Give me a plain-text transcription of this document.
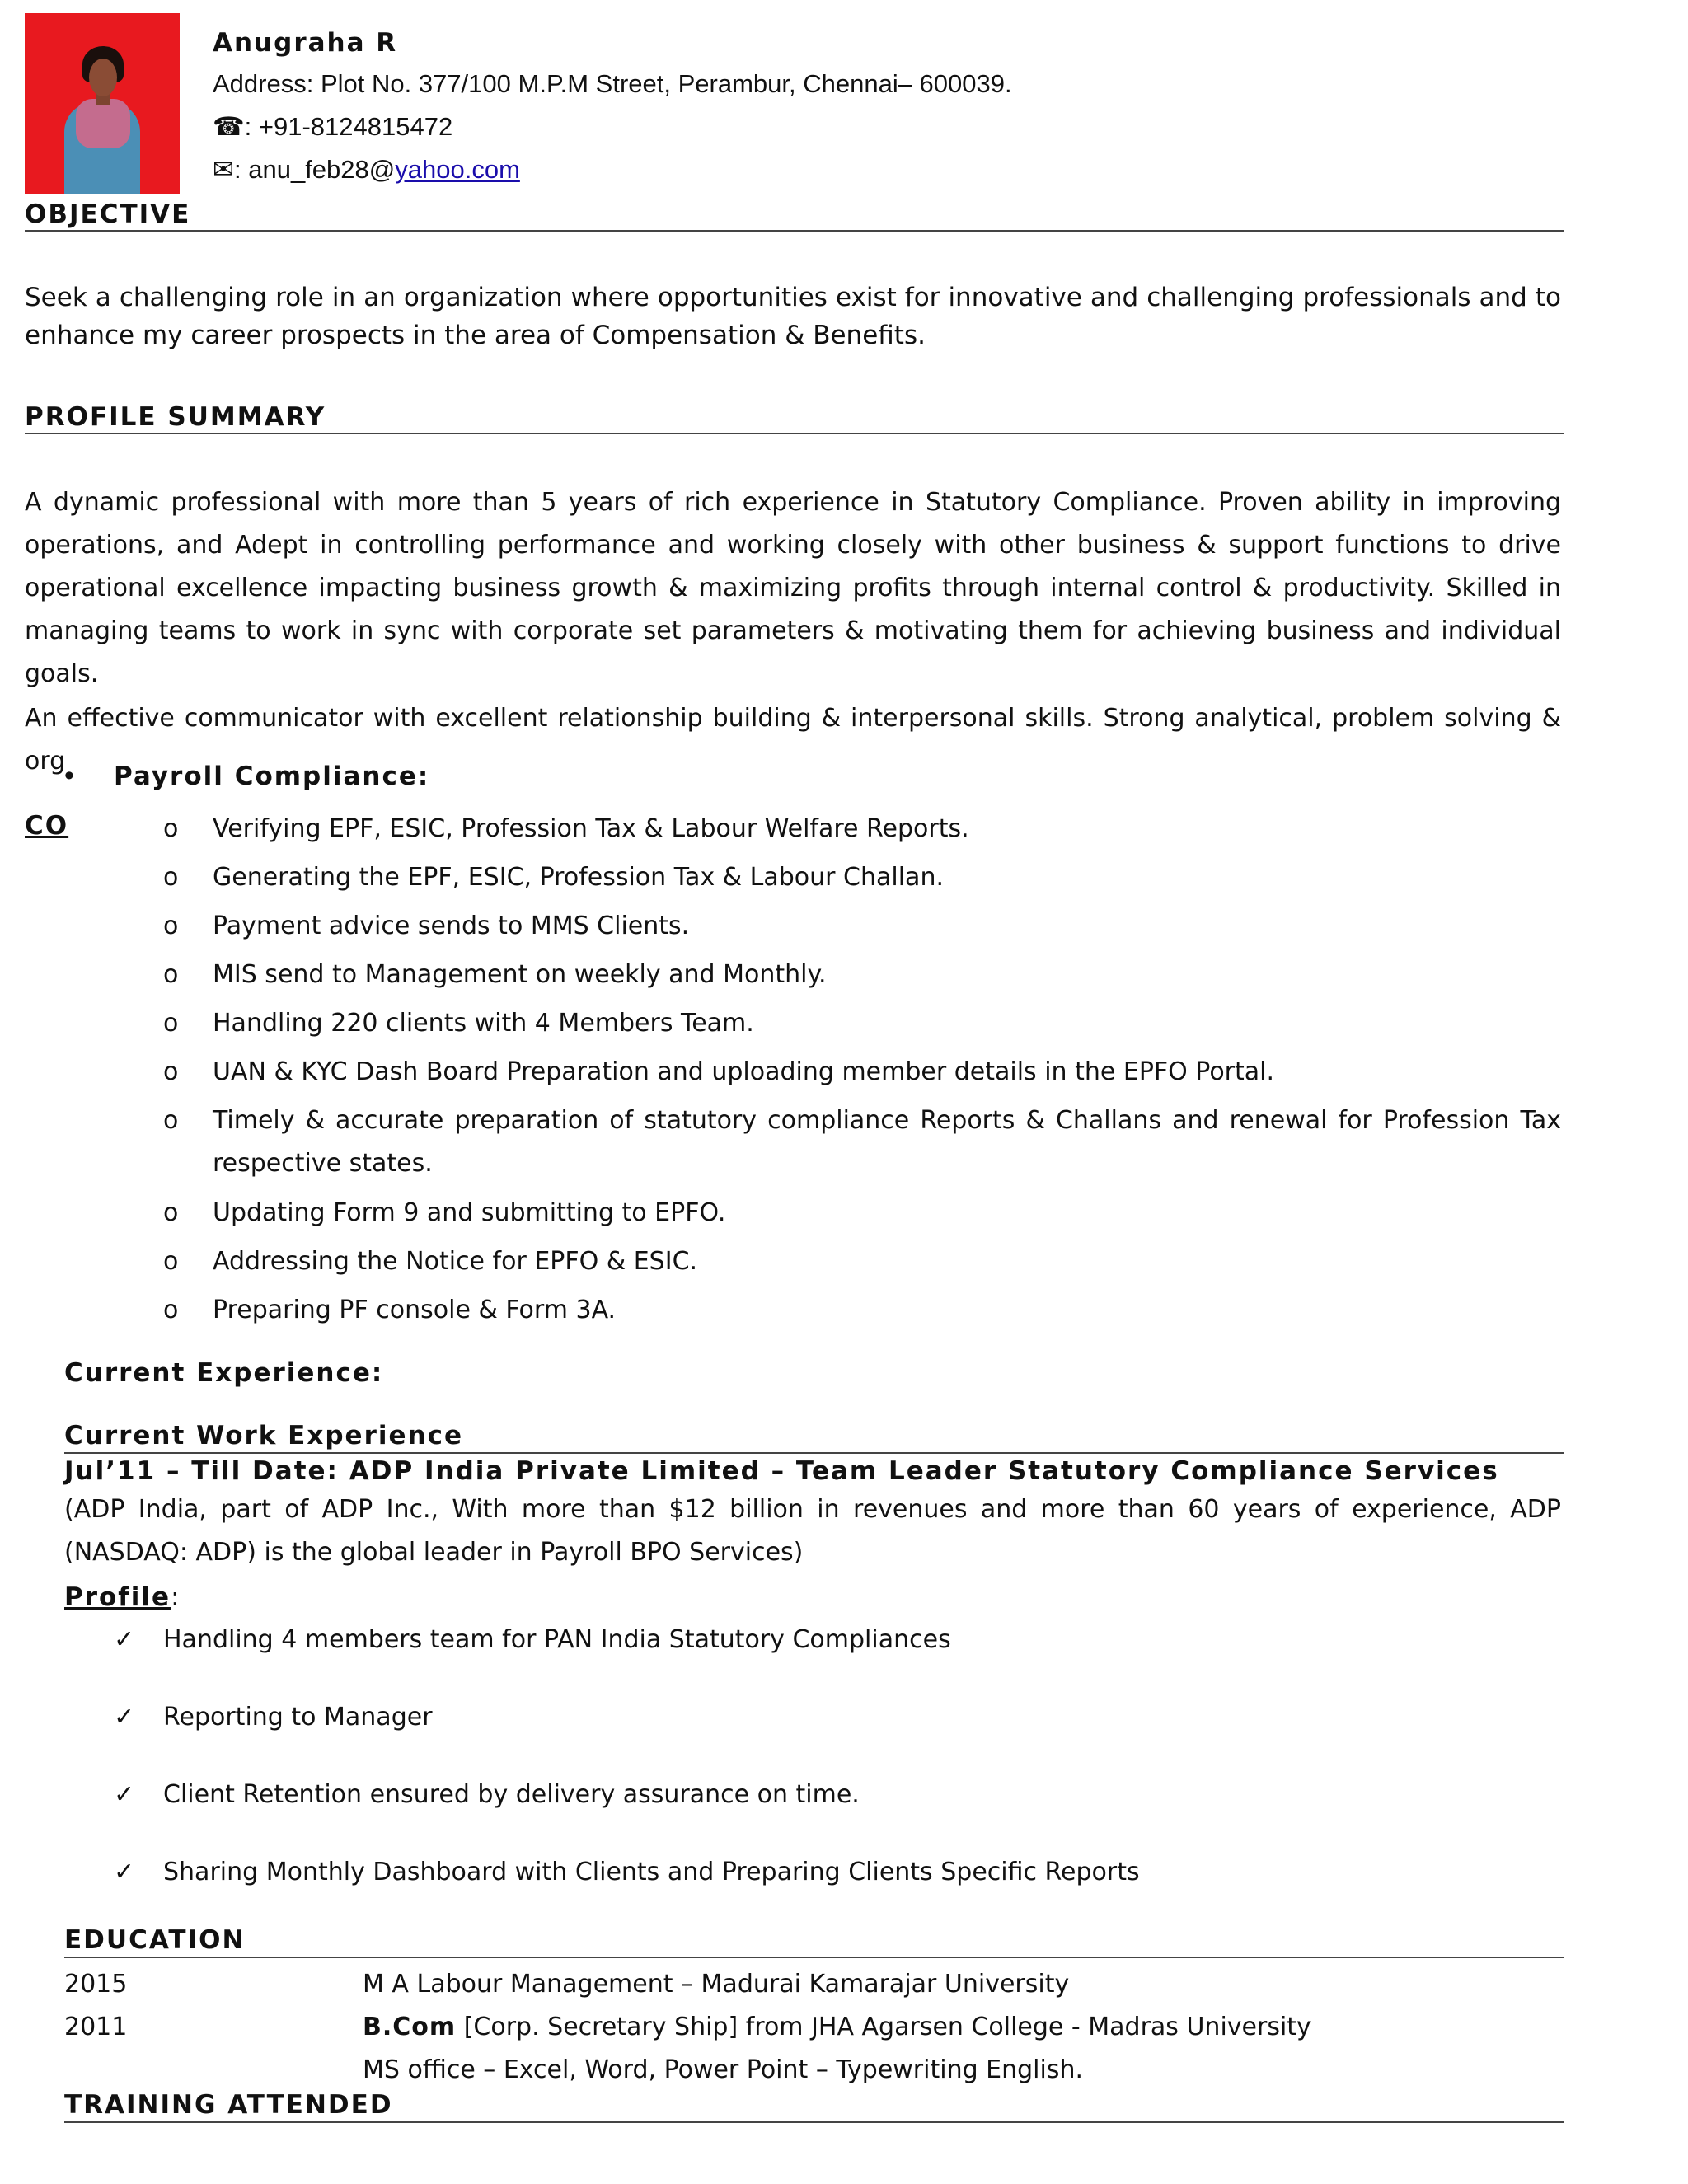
Anugraha R
Address: Plot No. 377/100 M.P.M Street, Perambur, Chennai– 600039.
☎: +91-8124815472
✉: anu_feb28@yahoo.com
OBJECTIVE
Seek a challenging role in an organization where opportunities exist for innovative and challenging professionals and to enhance my career prospects in the area of Compensation & Benefits.
PROFILE SUMMARY
A dynamic professional with more than 5 years of rich experience in Statutory Compliance. Proven ability in improving operations, and Adept in controlling performance and working closely with other business & support functions to drive operational excellence impacting business growth & maximizing profits through internal control & productivity. Skilled in managing teams to work in sync with corporate set parameters & motivating them for achieving business and individual goals.
An effective communicator with excellent relationship building & interpersonal skills. Strong analytical, problem solving &
org
CO
• Payroll Compliance:
o Verifying EPF, ESIC, Profession Tax & Labour Welfare Reports.
o Generating the EPF, ESIC, Profession Tax & Labour Challan.
o Payment advice sends to MMS Clients.
o MIS send to Management on weekly and Monthly.
o Handling 220 clients with 4 Members Team.
o UAN & KYC Dash Board Preparation and uploading member details in the EPFO Portal.
o Timely & accurate preparation of statutory compliance Reports & Challans and renewal for Profession Tax
respective states.
o Updating Form 9 and submitting to EPFO.
o Addressing the Notice for EPFO & ESIC.
o Preparing PF console & Form 3A.
Current Experience:
Current Work Experience
Jul’11 – Till Date: ADP India Private Limited – Team Leader Statutory Compliance Services
(ADP India, part of ADP Inc., With more than $12 billion in revenues and more than 60 years of experience, ADP (NASDAQ: ADP) is the global leader in Payroll BPO Services)
Profile:
✓ Handling 4 members team for PAN India Statutory Compliances
✓ Reporting to Manager
✓ Client Retention ensured by delivery assurance on time.
✓ Sharing Monthly Dashboard with Clients and Preparing Clients Specific Reports
EDUCATION
2015	M A Labour Management – Madurai Kamarajar University
2011	B.Com [Corp. Secretary Ship] from JHA Agarsen College - Madras University
MS office – Excel, Word, Power Point – Typewriting English.
TRAINING ATTENDED
